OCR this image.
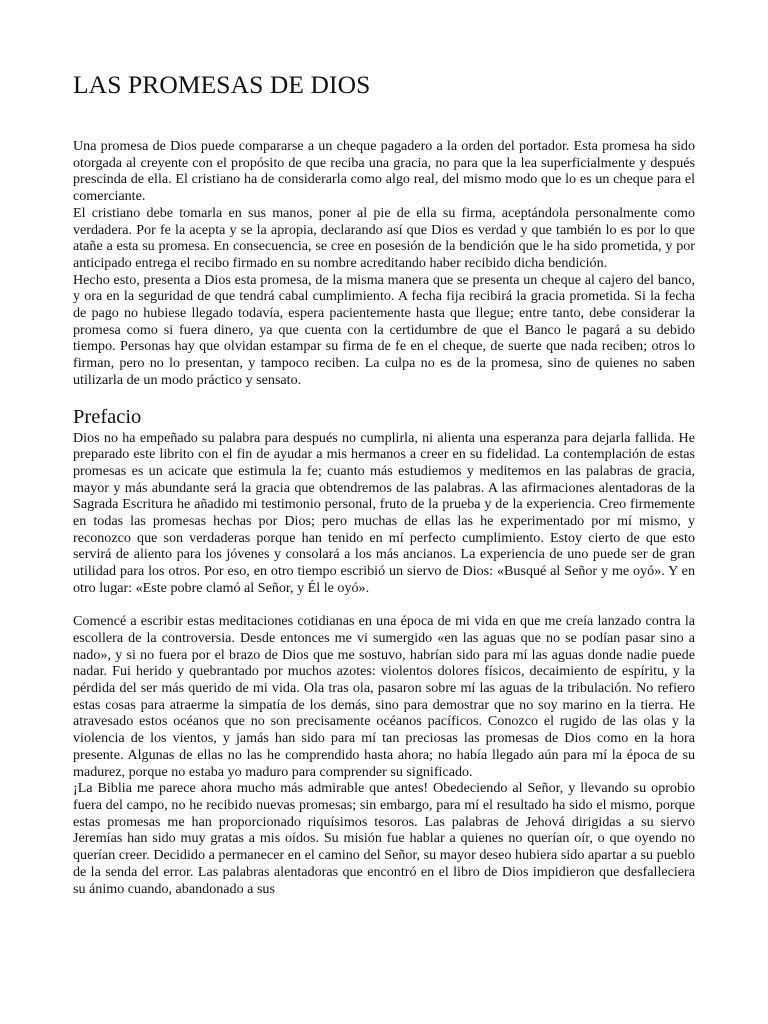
LAS PROMESAS DE DIOS

Una promesa de Dios puede compararse a un cheque pagadero a la orden del portador. Esta promesa ha sido otorgada al creyente con el propósito de que reciba una gracia, no para que la lea superficialmente y después prescinda de ella. El cristiano ha de considerarla como algo real, del mismo modo que lo es un cheque para el comerciante.

El cristiano debe tomarla en sus manos, poner al pie de ella su firma, aceptándola personalmente como verdadera. Por fe la acepta y se la apropia, declarando así que Dios es verdad y que también lo es por lo que atañe a esta su promesa. En consecuencia, se cree en posesión de la bendición que le ha sido prometida, y por anticipado entrega el recibo firmado en su nombre acreditando haber recibido dicha bendición.

Hecho esto, presenta a Dios esta promesa, de la misma manera que se presenta un cheque al cajero del banco, y ora en la seguridad de que tendrá cabal cumplimiento. A fecha fija recibirá la gracia prometida. Si la fecha de pago no hubiese llegado todavía, espera pacientemente hasta que llegue; entre tanto, debe considerar la promesa como si fuera dinero, ya que cuenta con la certidumbre de que el Banco le pagará a su debido tiempo. Personas hay que olvidan estampar su firma de fe en el cheque, de suerte que nada reciben; otros lo firman, pero no lo presentan, y tampoco reciben. La culpa no es de la promesa, sino de quienes no saben utilizarla de un modo práctico y sensato.

Prefacio

Dios no ha empeñado su palabra para después no cumplirla, ni alienta una esperanza para dejarla fallida. He preparado este librito con el fin de ayudar a mis hermanos a creer en su fidelidad. La contemplación de estas promesas es un acicate que estimula la fe; cuanto más estudiemos y meditemos en las palabras de gracia, mayor y más abundante será la gracia que obtendremos de las palabras. A las afirmaciones alentadoras de la Sagrada Escritura he añadido mi testimonio personal, fruto de la prueba y de la experiencia. Creo firmemente en todas las promesas hechas por Dios; pero muchas de ellas las he experimentado por mí mismo, y reconozco que son verdaderas porque han tenido en mí perfecto cumplimiento. Estoy cierto de que esto servirá de aliento para los jóvenes y consolará a los más ancianos. La experiencia de uno puede ser de gran utilidad para los otros. Por eso, en otro tiempo escribió un siervo de Dios: «Busqué al Señor y me oyó». Y en otro lugar: «Este pobre clamó al Señor, y Él le oyó».

Comencé a escribir estas meditaciones cotidianas en una época de mi vida en que me creía lanzado contra la escollera de la controversia. Desde entonces me vi sumergido «en las aguas que no se podían pasar sino a nado», y si no fuera por el brazo de Dios que me sostuvo, habrían sido para mí las aguas donde nadie puede nadar. Fui herido y quebrantado por muchos azotes: violentos dolores físicos, decaimiento de espíritu, y la pérdida del ser más querido de mi vida. Ola tras ola, pasaron sobre mí las aguas de la tribulación. No refiero estas cosas para atraerme la simpatía de los demás, sino para demostrar que no soy marino en la tierra. He atravesado estos océanos que no son precisamente océanos pacíficos. Conozco el rugido de las olas y la violencia de los vientos, y jamás han sido para mí tan preciosas las promesas de Dios como en la hora presente. Algunas de ellas no las he comprendido hasta ahora; no había llegado aún para mí la época de su madurez, porque no estaba yo maduro para comprender su significado.

¡La Biblia me parece ahora mucho más admirable que antes! Obedeciendo al Señor, y llevando su oprobio fuera del campo, no he recibido nuevas promesas; sin embargo, para mí el resultado ha sido el mismo, porque estas promesas me han proporcionado riquísimos tesoros. Las palabras de Jehová dirigidas a su siervo Jeremías han sido muy gratas a mis oídos. Su misión fue hablar a quienes no querían oír, o que oyendo no querían creer. Decidido a permanecer en el camino del Señor, su mayor deseo hubiera sido apartar a su pueblo de la senda del error. Las palabras alentadoras que encontró en el libro de Dios impidieron que desfalleciera su ánimo cuando, abandonado a sus
